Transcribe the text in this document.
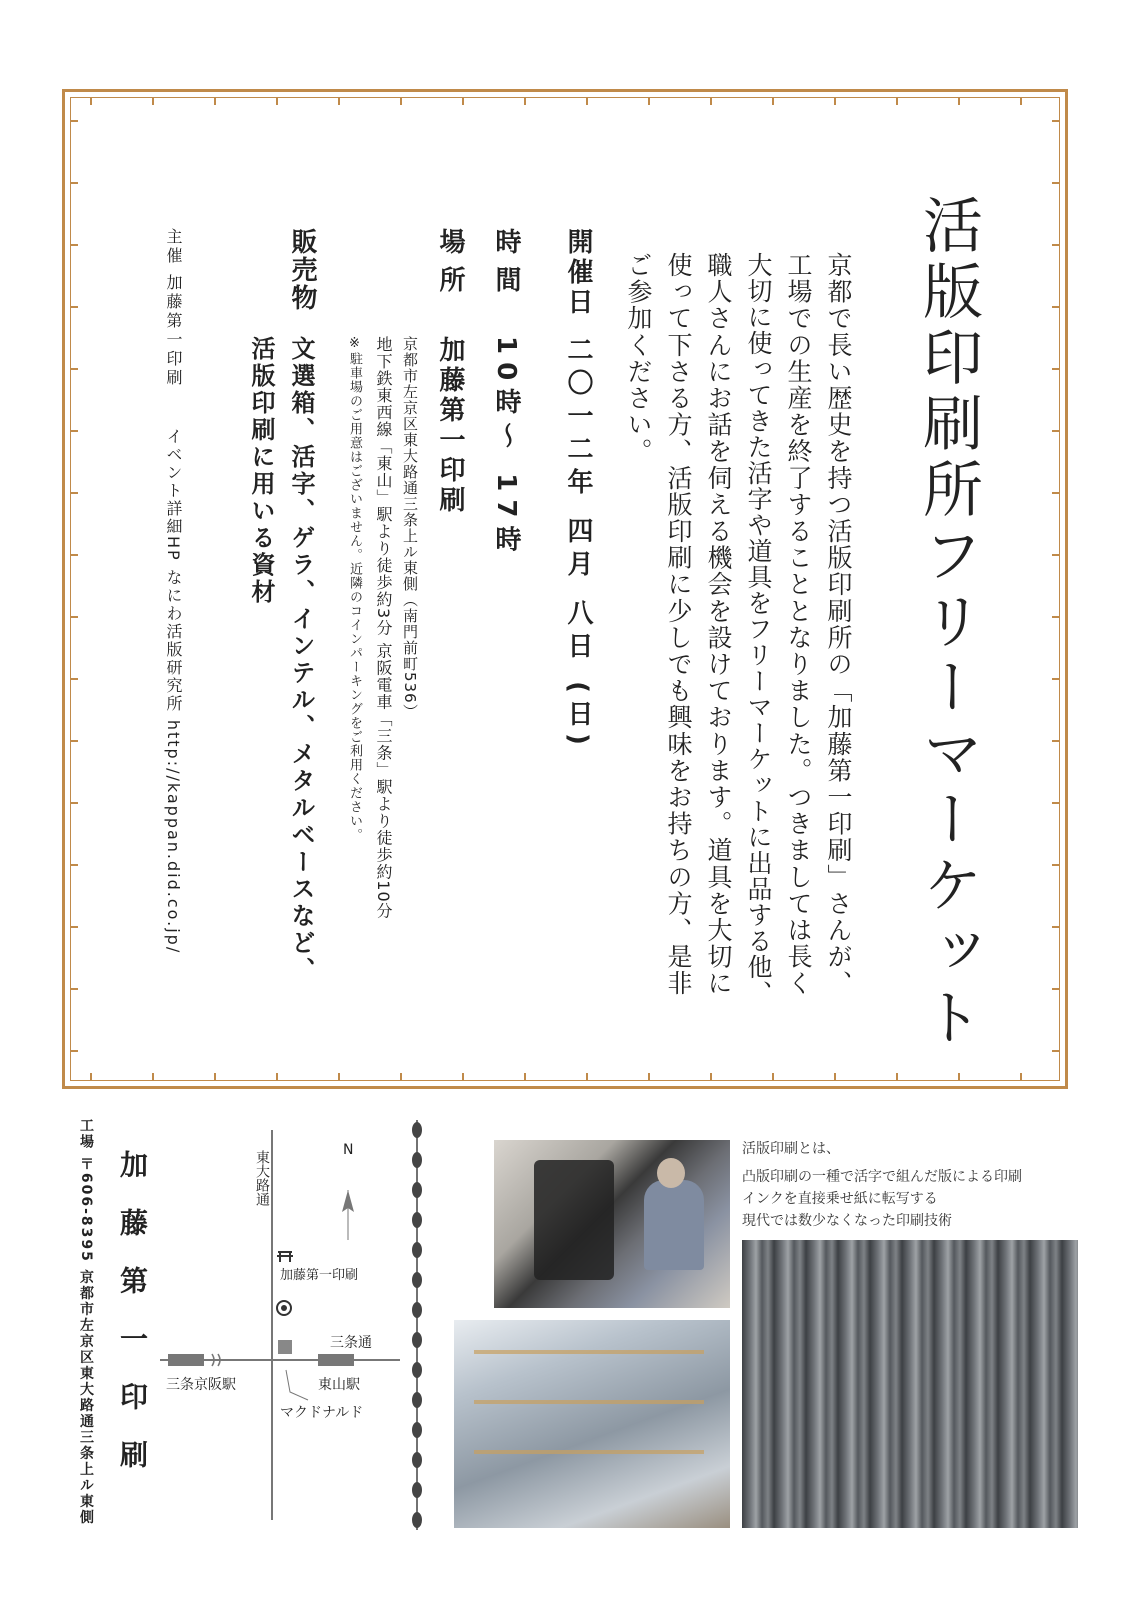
活版印刷所フリーマーケット
京都で長い歴史を持つ活版印刷所の「加藤第一印刷」さんが、
工場での生産を終了することとなりました。つきましては長く
大切に使ってきた活字や道具をフリーマーケットに出品する他、
職人さんにお話を伺える機会を設けております。道具を大切に
使って下さる方、活版印刷に少しでも興味をお持ちの方、是非
ご参加ください。
開催日
二〇一二年 四月 八日 (日)
時間
10時〜 17時
場所
加藤第一印刷
京都市左京区東大路通三条上ル東側（南門前町536）
地下鉄東西線「東山」駅より徒歩約3分 京阪電車「三条」駅より徒歩約10分
※駐車場のご用意はございません。近隣のコインパーキングをご利用ください。
販売物
文選箱、活字、ゲラ、インテル、メタルベースなど、
活版印刷に用いる資材
主催 加藤第一印刷
イベント詳細HP なにわ活版研究所 http://kappan.did.co.jp/
工場 〒606-8395 京都市左京区東大路通三条上ル東側 加藤第一印刷	N
東大路通
加藤第一印刷
三条通
三条京阪駅	東山駅
マクドナルド
活版印刷とは、
凸版印刷の一種で活字で組んだ版による印刷
インクを直接乗せ紙に転写する
現代では数少なくなった印刷技術
